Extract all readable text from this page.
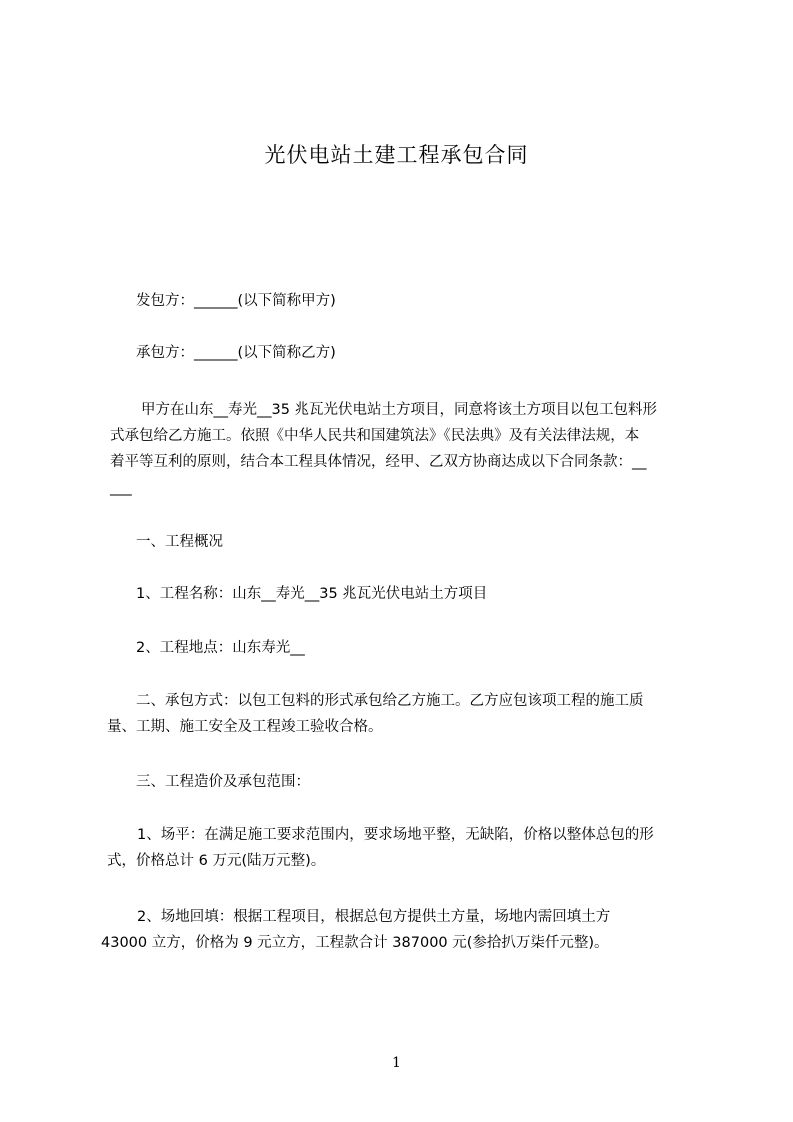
光伏电站土建工程承包合同
发包方：______(以下简称甲方)
承包方：______(以下简称乙方)
甲方在山东__寿光__35 兆瓦光伏电站土方项目，同意将该土方项目以包工包料形
式承包给乙方施工。依照《中华人民共和国建筑法》《民法典》及有关法律法规，本
着平等互利的原则，结合本工程具体情况，经甲、乙双方协商达成以下合同条款：__
___
一、工程概况
1、工程名称：山东__寿光__35 兆瓦光伏电站土方项目
2、工程地点：山东寿光__
二、承包方式：以包工包料的形式承包给乙方施工。乙方应包该项工程的施工质
量、工期、施工安全及工程竣工验收合格。
三、工程造价及承包范围：
1、场平：在满足施工要求范围内，要求场地平整，无缺陷，价格以整体总包的形
式，价格总计 6 万元(陆万元整)。
2、场地回填：根据工程项目，根据总包方提供土方量，场地内需回填土方
43000 立方，价格为 9 元立方，工程款合计 387000 元(参拾扒万柒仟元整)。
1
